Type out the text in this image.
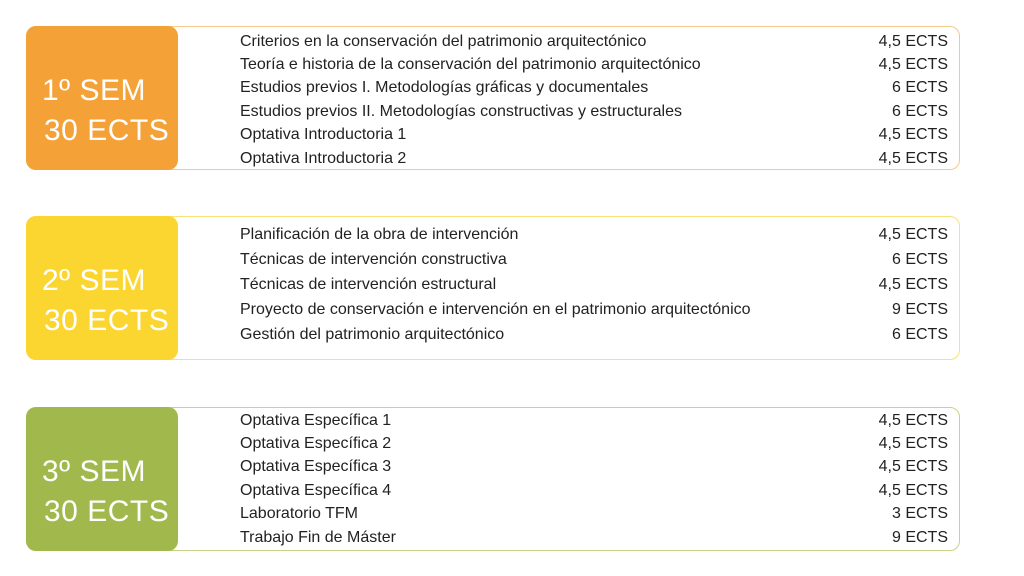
1º SEM
30 ECTS
Criterios en la conservación del patrimonio arquitectónico	4,5 ECTS
Teoría e historia de la conservación del patrimonio arquitectónico	4,5 ECTS
Estudios previos I. Metodologías gráficas y documentales	6 ECTS
Estudios previos II. Metodologías constructivas y estructurales	6 ECTS
Optativa Introductoria 1	4,5 ECTS
Optativa Introductoria 2	4,5 ECTS
2º SEM
30 ECTS
Planificación de la obra de intervención	4,5 ECTS
Técnicas de intervención constructiva	6 ECTS
Técnicas de intervención estructural	4,5 ECTS
Proyecto de conservación e intervención en el patrimonio arquitectónico	9 ECTS
Gestión del patrimonio arquitectónico	6 ECTS
3º SEM
30 ECTS
Optativa Específica 1	4,5 ECTS
Optativa Específica 2	4,5 ECTS
Optativa Específica 3	4,5 ECTS
Optativa Específica 4	4,5 ECTS
Laboratorio TFM	3 ECTS
Trabajo Fin de Máster	9 ECTS
